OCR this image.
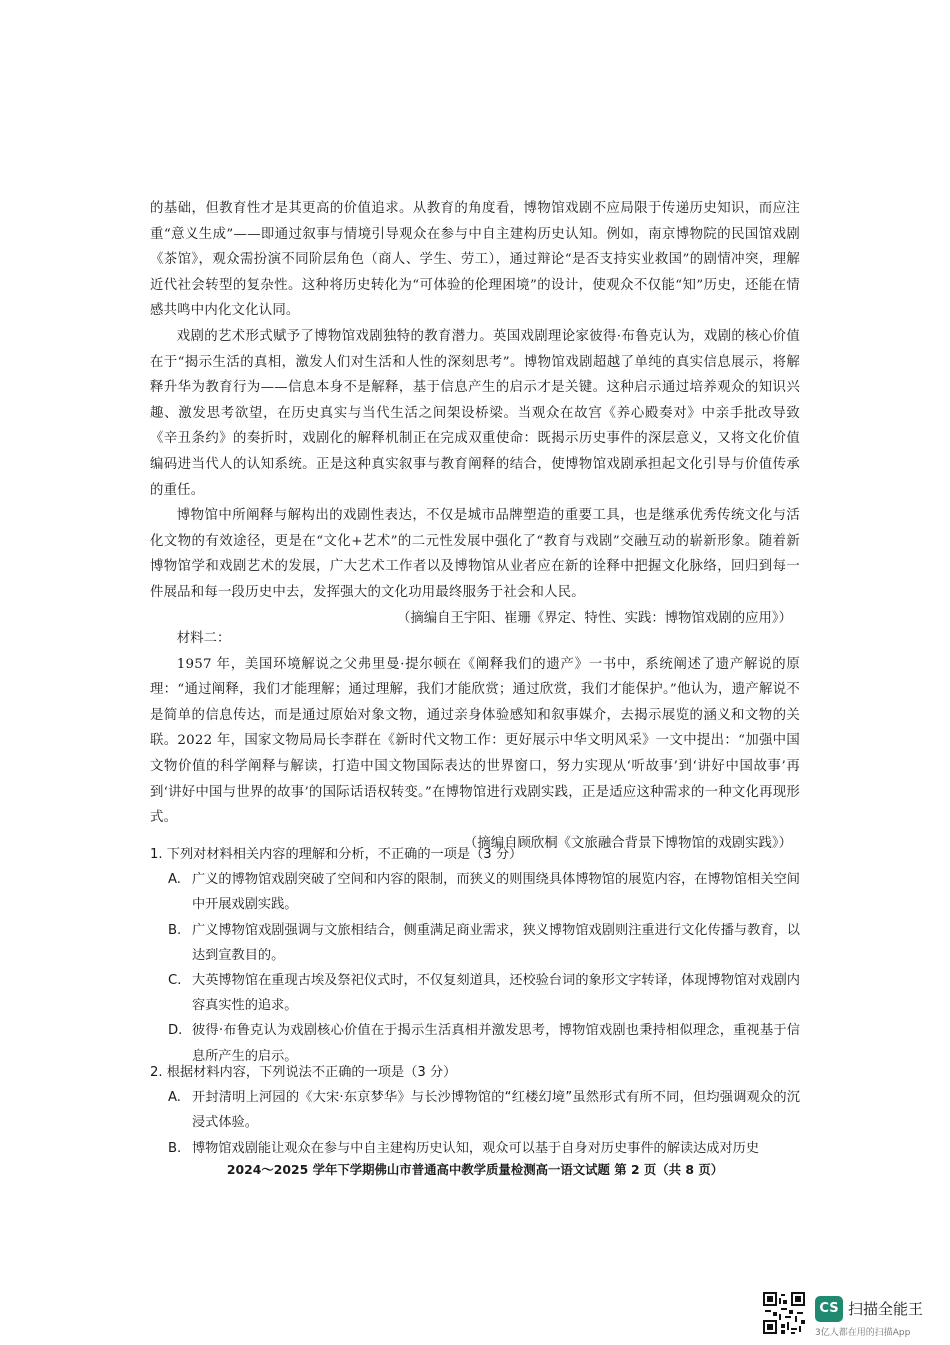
的基础，但教育性才是其更高的价值追求。从教育的角度看，博物馆戏剧不应局限于传递历史知识，而应注重“意义生成”——即通过叙事与情境引导观众在参与中自主建构历史认知。例如，南京博物院的民国馆戏剧《茶馆》，观众需扮演不同阶层角色（商人、学生、劳工），通过辩论“是否支持实业救国”的剧情冲突，理解近代社会转型的复杂性。这种将历史转化为“可体验的伦理困境”的设计，使观众不仅能“知”历史，还能在情感共鸣中内化文化认同。

戏剧的艺术形式赋予了博物馆戏剧独特的教育潜力。英国戏剧理论家彼得·布鲁克认为，戏剧的核心价值在于“揭示生活的真相，激发人们对生活和人性的深刻思考”。博物馆戏剧超越了单纯的真实信息展示，将解释升华为教育行为——信息本身不是解释，基于信息产生的启示才是关键。这种启示通过培养观众的知识兴趣、激发思考欲望，在历史真实与当代生活之间架设桥梁。当观众在故宫《养心殿奏对》中亲手批改导致《辛丑条约》的奏折时，戏剧化的解释机制正在完成双重使命：既揭示历史事件的深层意义，又将文化价值编码进当代人的认知系统。正是这种真实叙事与教育阐释的结合，使博物馆戏剧承担起文化引导与价值传承的重任。

博物馆中所阐释与解构出的戏剧性表达，不仅是城市品牌塑造的重要工具，也是继承优秀传统文化与活化文物的有效途径，更是在“文化+艺术”的二元性发展中强化了“教育与戏剧”交融互动的崭新形象。随着新博物馆学和戏剧艺术的发展，广大艺术工作者以及博物馆从业者应在新的诠释中把握文化脉络，回归到每一件展品和每一段历史中去，发挥强大的文化功用最终服务于社会和人民。

（摘编自王宇阳、崔珊《界定、特性、实践：博物馆戏剧的应用》）

材料二：

1957 年，美国环境解说之父弗里曼·提尔顿在《阐释我们的遗产》一书中，系统阐述了遗产解说的原理：“通过阐释，我们才能理解；通过理解，我们才能欣赏；通过欣赏，我们才能保护。”他认为，遗产解说不是简单的信息传达，而是通过原始对象文物，通过亲身体验感知和叙事媒介，去揭示展览的涵义和文物的关联。2022 年，国家文物局局长李群在《新时代文物工作：更好展示中华文明风采》一文中提出：“加强中国文物价值的科学阐释与解读，打造中国文物国际表达的世界窗口，努力实现从‘听故事’到‘讲好中国故事’再到‘讲好中国与世界的故事’的国际话语权转变。”在博物馆进行戏剧实践，正是适应这种需求的一种文化再现形式。

（摘编自顾欣桐《文旅融合背景下博物馆的戏剧实践》）

1. 下列对材料相关内容的理解和分析，不正确的一项是（3 分）

A. 广义的博物馆戏剧突破了空间和内容的限制，而狭义的则围绕具体博物馆的展览内容，在博物馆相关空间中开展戏剧实践。
B. 广义博物馆戏剧强调与文旅相结合，侧重满足商业需求，狭义博物馆戏剧则注重进行文化传播与教育，以达到宣教目的。
C. 大英博物馆在重现古埃及祭祀仪式时，不仅复刻道具，还校验台词的象形文字转译，体现博物馆对戏剧内容真实性的追求。
D. 彼得·布鲁克认为戏剧核心价值在于揭示生活真相并激发思考，博物馆戏剧也秉持相似理念，重视基于信息所产生的启示。

2. 根据材料内容，下列说法不正确的一项是（3 分）

A. 开封清明上河园的《大宋·东京梦华》与长沙博物馆的“红楼幻境”虽然形式有所不同，但均强调观众的沉浸式体验。
B. 博物馆戏剧能让观众在参与中自主建构历史认知，观众可以基于自身对历史事件的解读达成对历史

2024～2025 学年下学期佛山市普通高中教学质量检测高一语文试题 第 2 页（共 8 页）

CS 扫描全能王
3亿人都在用的扫描App
